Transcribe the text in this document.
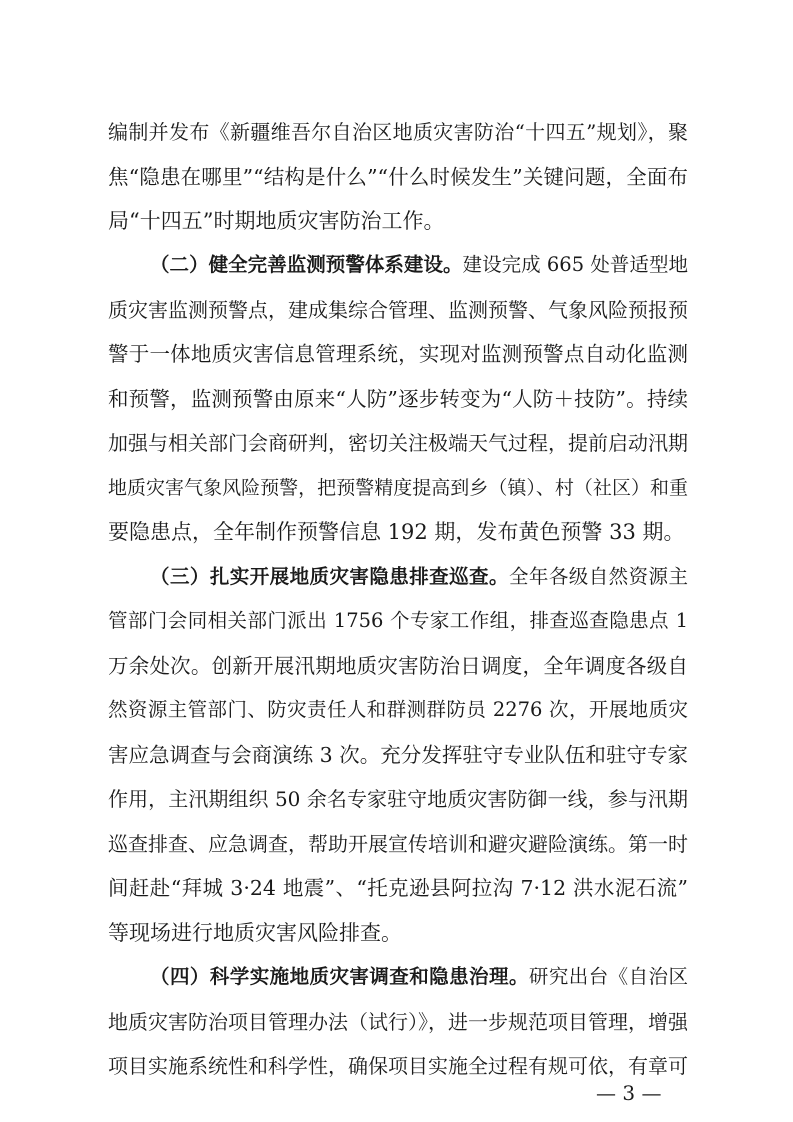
编制并发布《新疆维吾尔自治区地质灾害防治“十四五”规划》，聚
焦“隐患在哪里”“结构是什么”“什么时候发生”关键问题，全面布
局“十四五”时期地质灾害防治工作。
（二）健全完善监测预警体系建设。建设完成 665 处普适型地
质灾害监测预警点，建成集综合管理、监测预警、气象风险预报预
警于一体地质灾害信息管理系统，实现对监测预警点自动化监测
和预警，监测预警由原来“人防”逐步转变为“人防＋技防”。持续
加强与相关部门会商研判，密切关注极端天气过程，提前启动汛期
地质灾害气象风险预警，把预警精度提高到乡（镇）、村（社区）和重
要隐患点，全年制作预警信息 192 期，发布黄色预警 33 期。
（三）扎实开展地质灾害隐患排查巡查。全年各级自然资源主
管部门会同相关部门派出 1756 个专家工作组，排查巡查隐患点 1
万余处次。创新开展汛期地质灾害防治日调度，全年调度各级自
然资源主管部门、防灾责任人和群测群防员 2276 次，开展地质灾
害应急调查与会商演练 3 次。充分发挥驻守专业队伍和驻守专家
作用，主汛期组织 50 余名专家驻守地质灾害防御一线，参与汛期
巡查排查、应急调查，帮助开展宣传培训和避灾避险演练。第一时
间赶赴“拜城 3·24 地震”、“托克逊县阿拉沟 7·12 洪水泥石流”
等现场进行地质灾害风险排查。
（四）科学实施地质灾害调查和隐患治理。研究出台《自治区
地质灾害防治项目管理办法（试行）》，进一步规范项目管理，增强
项目实施系统性和科学性，确保项目实施全过程有规可依，有章可
— 3 —
